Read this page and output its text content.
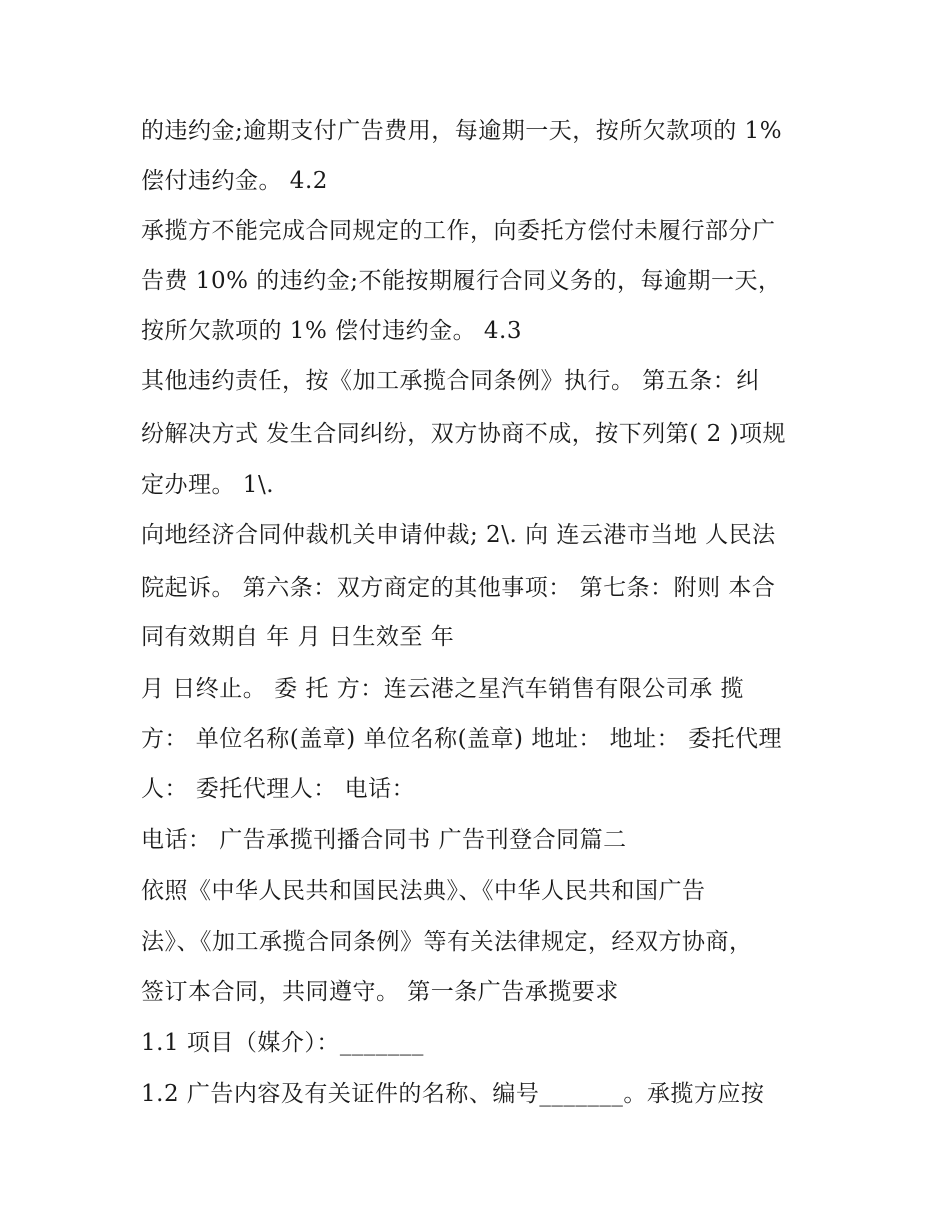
的违约金;逾期支付广告费用，每逾期一天，按所欠款项的 1%
偿付违约金。 4.2
承揽方不能完成合同规定的工作，向委托方偿付未履行部分广
告费 10% 的违约金;不能按期履行合同义务的，每逾期一天，
按所欠款项的 1% 偿付违约金。 4.3
其他违约责任，按《加工承揽合同条例》执行。 第五条：纠
纷解决方式 发生合同纠纷，双方协商不成，按下列第( 2 )项规
定办理。 1\.
向地经济合同仲裁机关申请仲裁; 2\. 向 连云港市当地 人民法
院起诉。 第六条：双方商定的其他事项： 第七条：附则 本合
同有效期自 年 月 日生效至 年
月 日终止。 委 托 方：连云港之星汽车销售有限公司承 揽
方： 单位名称(盖章) 单位名称(盖章) 地址： 地址： 委托代理
人： 委托代理人： 电话：
电话： 广告承揽刊播合同书 广告刊登合同篇二
依照《中华人民共和国民法典》、《中华人民共和国广告
法》、《加工承揽合同条例》等有关法律规定，经双方协商，
签订本合同，共同遵守。 第一条广告承揽要求
1.1 项目（媒介）：_______
1.2 广告内容及有关证件的名称、编号_______。承揽方应按
